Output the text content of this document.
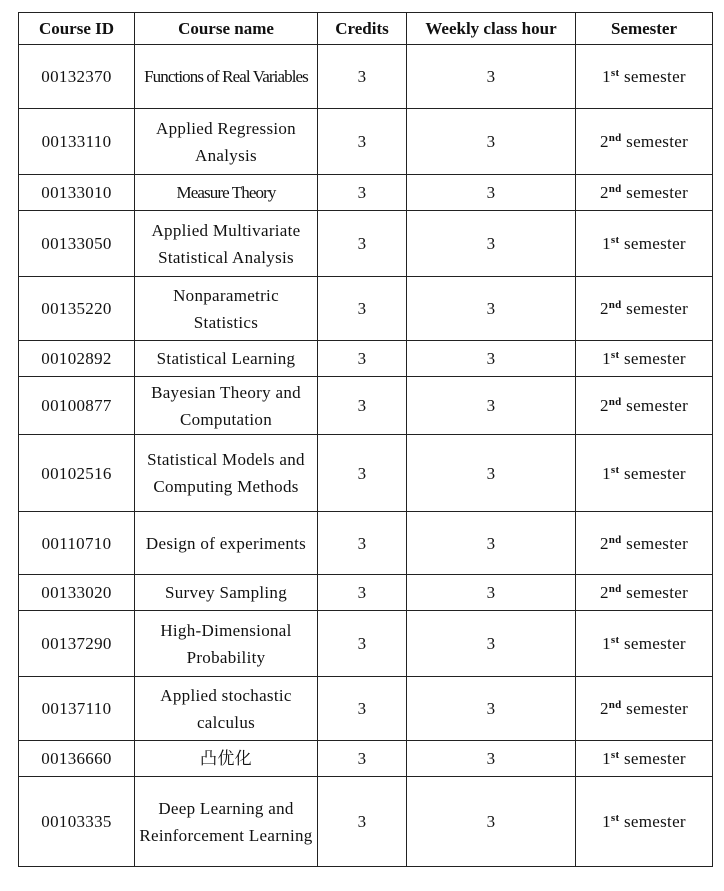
Course ID	Course name	Credits	Weekly class hour	Semester
00132370	Functions of Real Variables	3	3	1st semester
00133110	Applied Regression Analysis	3	3	2nd semester
00133010	Measure Theory	3	3	2nd semester
00133050	Applied Multivariate Statistical Analysis	3	3	1st semester
00135220	Nonparametric Statistics	3	3	2nd semester
00102892	Statistical Learning	3	3	1st semester
00100877	Bayesian Theory and Computation	3	3	2nd semester
00102516	Statistical Models and Computing Methods	3	3	1st semester
00110710	Design of experiments	3	3	2nd semester
00133020	Survey Sampling	3	3	2nd semester
00137290	High-Dimensional Probability	3	3	1st semester
00137110	Applied stochastic calculus	3	3	2nd semester
00136660	凸优化	3	3	1st semester
00103335	Deep Learning and Reinforcement Learning	3	3	1st semester
